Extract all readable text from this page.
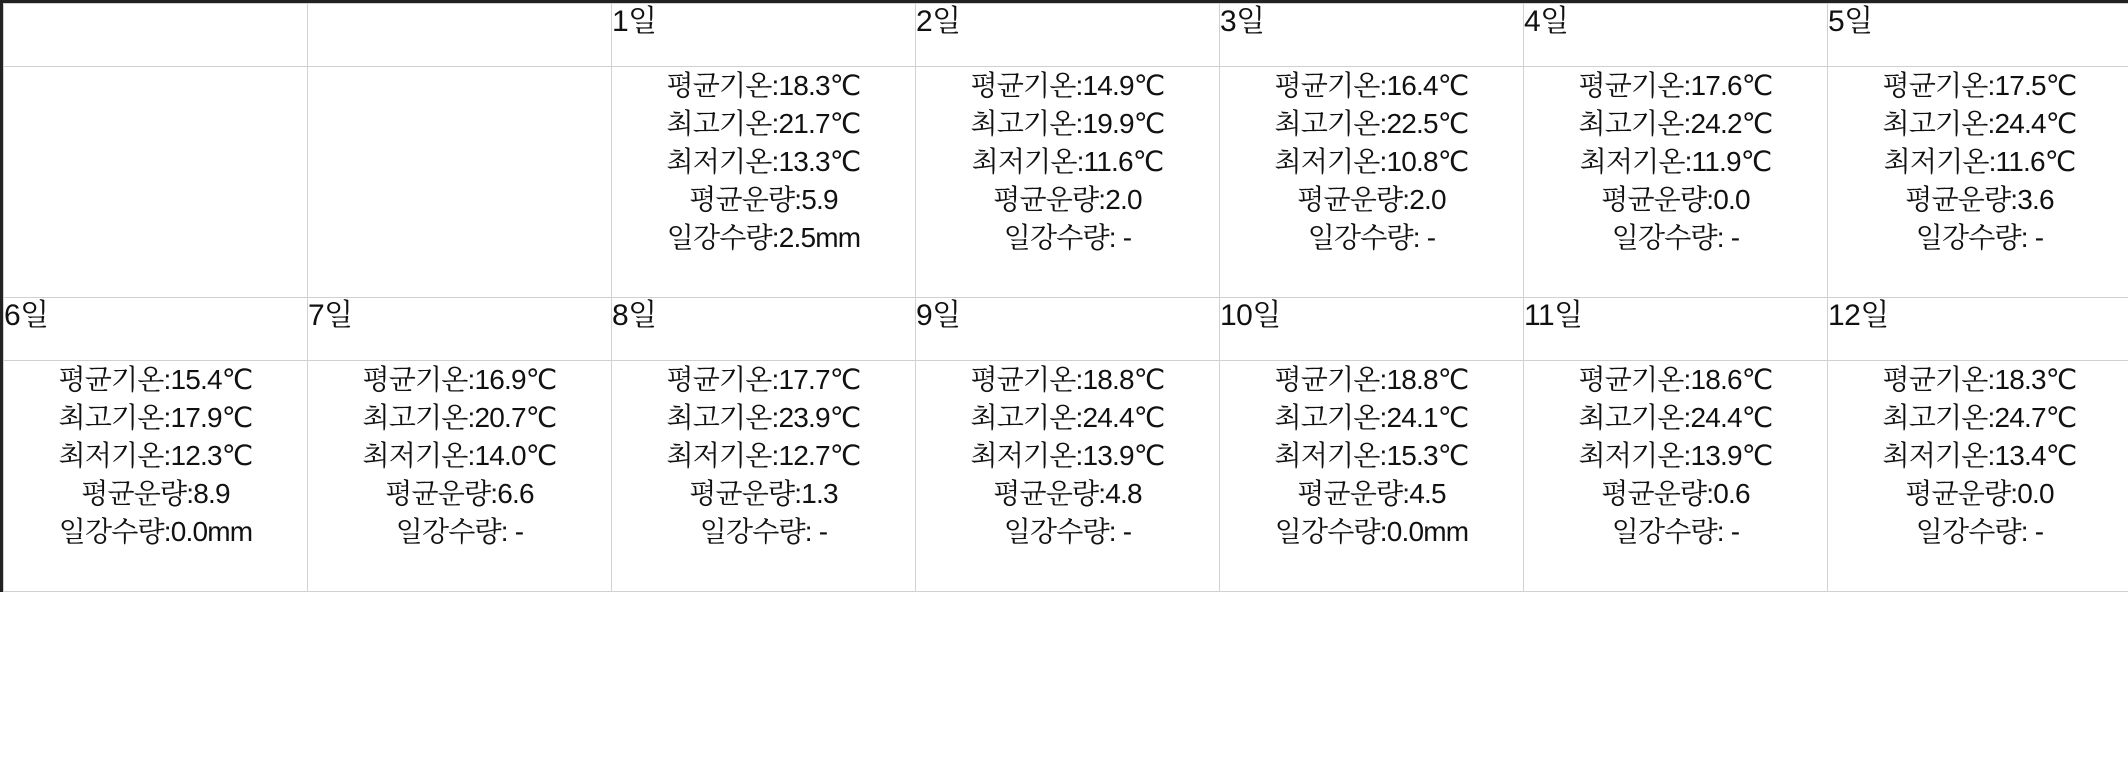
		1일	2일	3일	4일	5일

		평균기온:18.3℃
최고기온:21.7℃
최저기온:13.3℃
평균운량:5.9
일강수량:2.5mm	평균기온:14.9℃
최고기온:19.9℃
최저기온:11.6℃
평균운량:2.0
일강수량: -	평균기온:16.4℃
최고기온:22.5℃
최저기온:10.8℃
평균운량:2.0
일강수량: -	평균기온:17.6℃
최고기온:24.2℃
최저기온:11.9℃
평균운량:0.0
일강수량: -	평균기온:17.5℃
최고기온:24.4℃
최저기온:11.6℃
평균운량:3.6
일강수량: -

6일	7일	8일	9일	10일	11일	12일

평균기온:15.4℃
최고기온:17.9℃
최저기온:12.3℃
평균운량:8.9
일강수량:0.0mm	평균기온:16.9℃
최고기온:20.7℃
최저기온:14.0℃
평균운량:6.6
일강수량: -	평균기온:17.7℃
최고기온:23.9℃
최저기온:12.7℃
평균운량:1.3
일강수량: -	평균기온:18.8℃
최고기온:24.4℃
최저기온:13.9℃
평균운량:4.8
일강수량: -	평균기온:18.8℃
최고기온:24.1℃
최저기온:15.3℃
평균운량:4.5
일강수량:0.0mm	평균기온:18.6℃
최고기온:24.4℃
최저기온:13.9℃
평균운량:0.6
일강수량: -	평균기온:18.3℃
최고기온:24.7℃
최저기온:13.4℃
평균운량:0.0
일강수량: -
